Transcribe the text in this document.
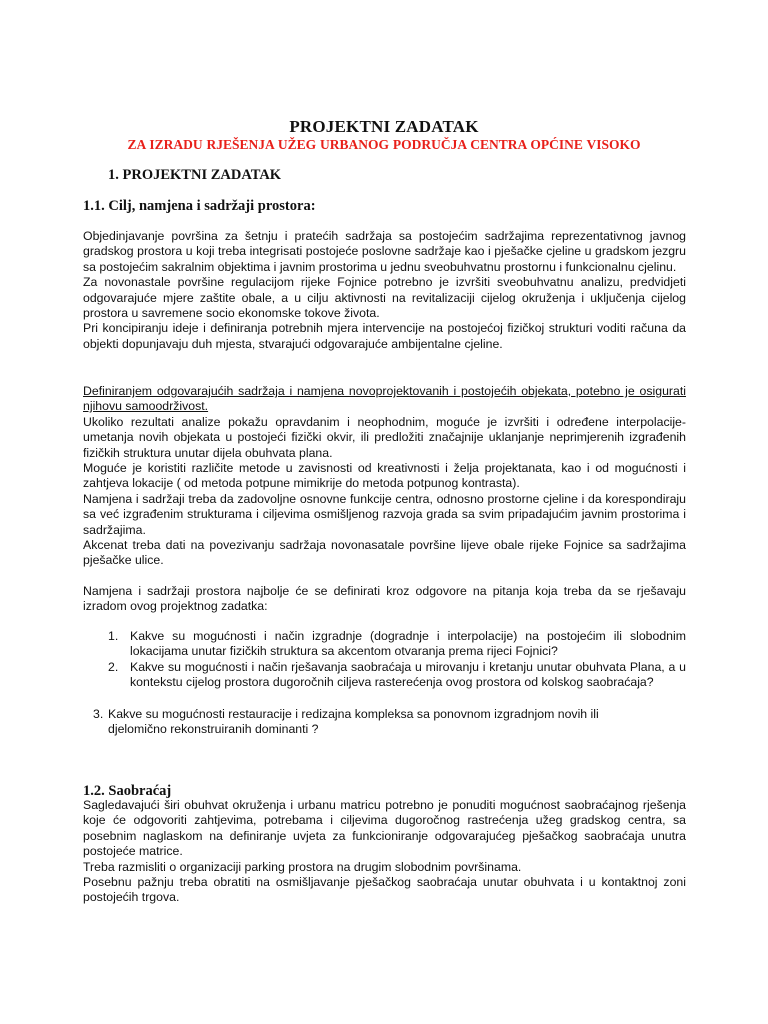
PROJEKTNI ZADATAK
ZA IZRADU RJEŠENJA UŽEG URBANOG PODRUČJA CENTRA OPĆINE VISOKO
1. PROJEKTNI ZADATAK
1.1. Cilj, namjena i sadržaji prostora:

Objedinjavanje površina za šetnju i pratećih sadržaja sa postojećim sadržajima reprezentativnog javnog gradskog prostora u koji treba integrisati postojeće poslovne sadržaje kao i pješačke cjeline u gradskom jezgru sa postojećim sakralnim objektima i javnim prostorima u jednu sveobuhvatnu prostornu i funkcionalnu cjelinu.

Za novonastale površine regulacijom rijeke Fojnice potrebno je izvršiti sveobuhvatnu analizu, predvidjeti odgovarajuće mjere zaštite obale, a u cilju aktivnosti na revitalizaciji cijelog okruženja i uključenja cijelog prostora u savremene socio ekonomske tokove života.

Pri koncipiranju ideje i definiranja potrebnih mjera intervencije na postojećoj fizičkoj strukturi voditi računa da objekti dopunjavaju duh mjesta, stvarajući odgovarajuće ambijentalne cjeline.

Definiranjem odgovarajućih sadržaja i namjena novoprojektovanih i postojećih objekata, potebno je osigurati njihovu samoodrživost.

Ukoliko rezultati analize pokažu opravdanim i neophodnim, moguće je izvršiti i određene interpolacije-umetanja novih objekata u postojeći fizički okvir, ili predložiti značajnije uklanjanje neprimjerenih izgrađenih fizičkih struktura unutar dijela obuhvata plana.

Moguće je koristiti različite metode u zavisnosti od kreativnosti i želja projektanata, kao i od mogućnosti i zahtjeva lokacije ( od metoda potpune mimikrije do metoda potpunog kontrasta).

Namjena i sadržaji treba da zadovoljne osnovne funkcije centra, odnosno prostorne cjeline i da korespondiraju sa već izgrađenim strukturama i ciljevima osmišljenog razvoja grada sa svim pripadajućim javnim prostorima i sadržajima.

Akcenat treba dati na povezivanju sadržaja novonasatale površine lijeve obale rijeke Fojnice sa sadržajima pješačke ulice.

Namjena i sadržaji prostora najbolje će se definirati kroz odgovore na pitanja koja treba da se rješavaju izradom ovog projektnog zadatka:

1. Kakve su mogućnosti i način izgradnje (dogradnje i interpolacije) na postojećim ili slobodnim lokacijama unutar fizičkih struktura sa akcentom otvaranja prema rijeci Fojnici?
2. Kakve su mogućnosti i način rješavanja saobraćaja u mirovanju i kretanju unutar obuhvata Plana, a u kontekstu cijelog prostora dugoročnih ciljeva rasterećenja ovog prostora od kolskog saobraćaja?
3. Kakve su mogućnosti restauracije i redizajna kompleksa sa ponovnom izgradnjom novih ili djelomično rekonstruiranih dominanti ?
1.2. Saobraćaj

Sagledavajući širi obuhvat okruženja i urbanu matricu potrebno je ponuditi mogućnost saobraćajnog rješenja koje će odgovoriti zahtjevima, potrebama i ciljevima dugoročnog rastrećenja užeg gradskog centra, sa posebnim naglaskom na definiranje uvjeta za funkcioniranje odgovarajućeg pješačkog saobraćaja unutra postojeće matrice.

Treba razmisliti o organizaciji parking prostora na drugim slobodnim površinama.

Posebnu pažnju treba obratiti na osmišljavanje pješačkog saobraćaja unutar obuhvata i u kontaktnoj zoni postojećih trgova.
